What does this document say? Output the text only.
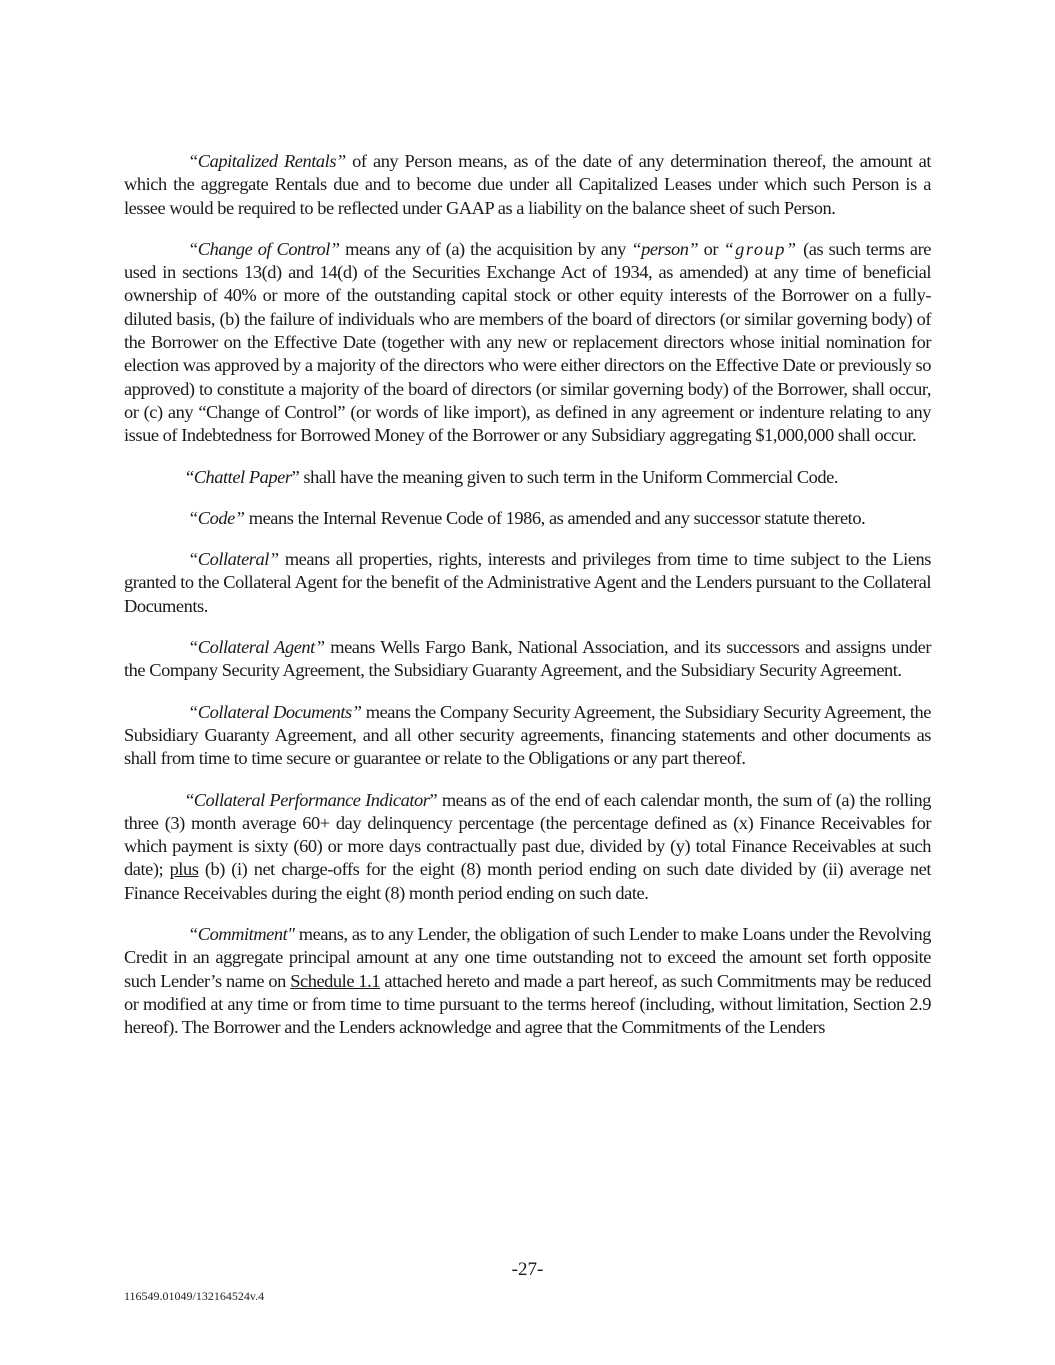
“Capitalized Rentals” of any Person means, as of the date of any determination thereof, the amount at which the aggregate Rentals due and to become due under all Capitalized Leases under which such Person is a lessee would be required to be reflected under GAAP as a liability on the balance sheet of such Person.

“Change of Control” means any of (a) the acquisition by any “person” or “group” (as such terms are used in sections 13(d) and 14(d) of the Securities Exchange Act of 1934, as amended) at any time of beneficial ownership of 40% or more of the outstanding capital stock or other equity interests of the Borrower on a fully-diluted basis, (b) the failure of individuals who are members of the board of directors (or similar governing body) of the Borrower on the Effective Date (together with any new or replacement directors whose initial nomination for election was approved by a majority of the directors who were either directors on the Effective Date or previously so approved) to constitute a majority of the board of directors (or similar governing body) of the Borrower, shall occur, or (c) any “Change of Control” (or words of like import), as defined in any agreement or indenture relating to any issue of Indebtedness for Borrowed Money of the Borrower or any Subsidiary aggregating $1,000,000 shall occur.

“Chattel Paper” shall have the meaning given to such term in the Uniform Commercial Code.

“Code” means the Internal Revenue Code of 1986, as amended and any successor statute thereto.

“Collateral” means all properties, rights, interests and privileges from time to time subject to the Liens granted to the Collateral Agent for the benefit of the Administrative Agent and the Lenders pursuant to the Collateral Documents.

“Collateral Agent” means Wells Fargo Bank, National Association, and its successors and assigns under the Company Security Agreement, the Subsidiary Guaranty Agreement, and the Subsidiary Security Agreement.

“Collateral Documents” means the Company Security Agreement, the Subsidiary Security Agreement, the Subsidiary Guaranty Agreement, and all other security agreements, financing statements and other documents as shall from time to time secure or guarantee or relate to the Obligations or any part thereof.

“Collateral Performance Indicator” means as of the end of each calendar month, the sum of (a) the rolling three (3) month average 60+ day delinquency percentage (the percentage defined as (x) Finance Receivables for which payment is sixty (60) or more days contractually past due, divided by (y) total Finance Receivables at such date); plus (b) (i) net charge-offs for the eight (8) month period ending on such date divided by (ii) average net Finance Receivables during the eight (8) month period ending on such date.

“Commitment" means, as to any Lender, the obligation of such Lender to make Loans under the Revolving Credit in an aggregate principal amount at any one time outstanding not to exceed the amount set forth opposite such Lender’s name on Schedule 1.1 attached hereto and made a part hereof, as such Commitments may be reduced or modified at any time or from time to time pursuant to the terms hereof (including, without limitation, Section 2.9 hereof). The Borrower and the Lenders acknowledge and agree that the Commitments of the Lenders

-27-
116549.01049/132164524v.4
